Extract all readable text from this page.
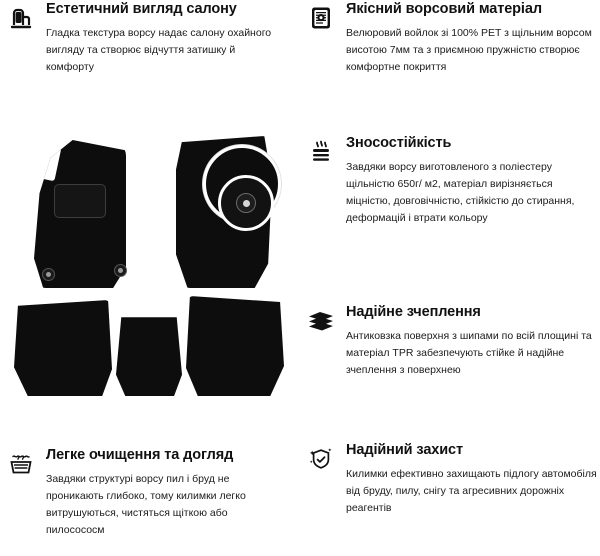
Естетичний вигляд салону

Гладка текстура ворсу надає салону охайного вигляду та створює відчуття затишку й комфорту

Якісний ворсовий матеріал

Велюровий войлок зі 100% PET з щільним ворсом висотою 7мм та з приємною пружністю створює комфортне покриття

Зносостійкість

Завдяки ворсу виготовленого з поліестеру щільністю 650г/ м2, матеріал вирізняється міцністю, довговічністю, стійкістю до стирання, деформацій і втрати кольору

Надійне зчеплення

Антиковзка поверхня з шипами по всій площині та матеріал TPR забезпечують стійке й надійне зчеплення з поверхнею

Легке очищення та догляд

Завдяки структурі ворсу пил і бруд не проникають глибоко, тому килимки легко витрушуються, чистяться щіткою або пилосососм

Надійний захист

Килимки ефективно захищають підлогу автомобіля від бруду, пилу, снігу та агресивних дорожніх реагентів
